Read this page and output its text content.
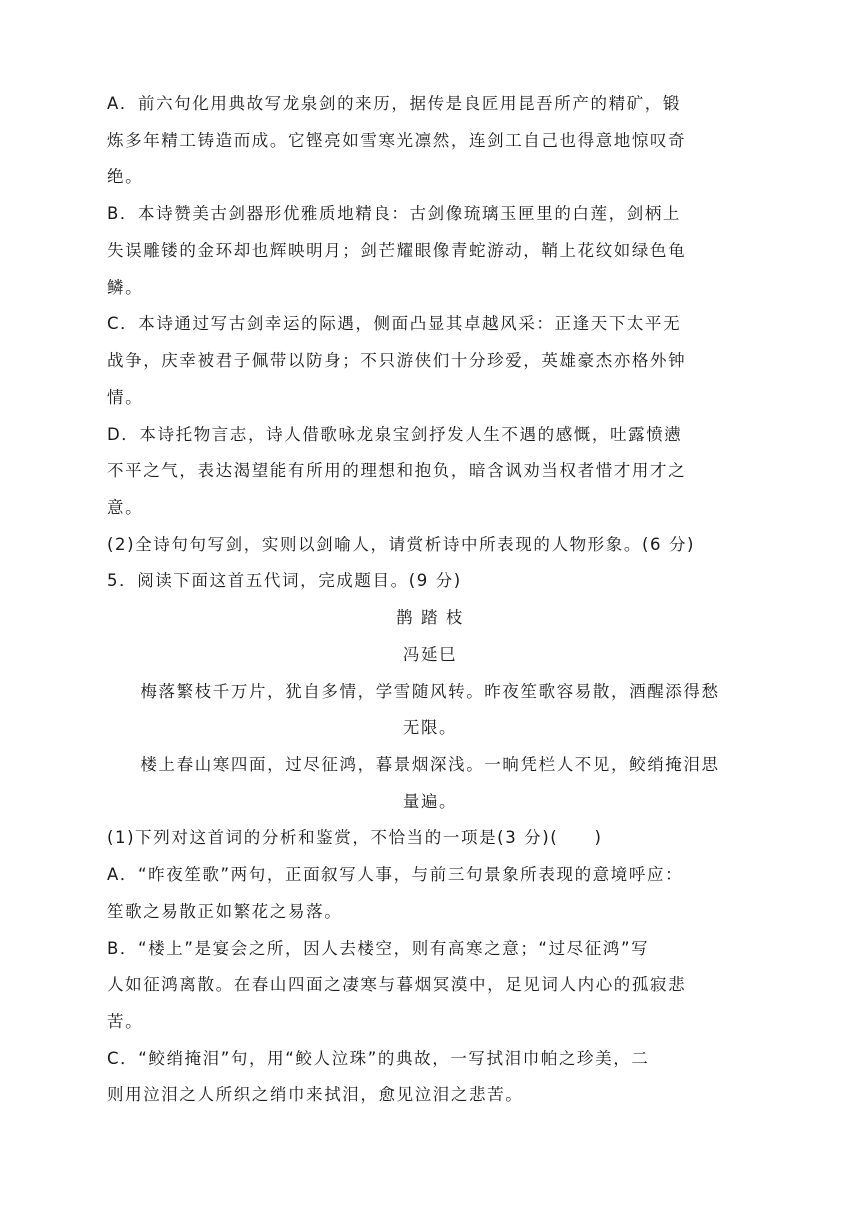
A．前六句化用典故写龙泉剑的来历，据传是良匠用昆吾所产的精矿，锻
炼多年精工铸造而成。它铿亮如雪寒光凛然，连剑工自己也得意地惊叹奇
绝。
B．本诗赞美古剑器形优雅质地精良：古剑像琉璃玉匣里的白莲，剑柄上
失误雕镂的金环却也辉映明月；剑芒耀眼像青蛇游动，鞘上花纹如绿色龟
鳞。
C．本诗通过写古剑幸运的际遇，侧面凸显其卓越风采：正逢天下太平无
战争，庆幸被君子佩带以防身；不只游侠们十分珍爱，英雄豪杰亦格外钟
情。
D．本诗托物言志，诗人借歌咏龙泉宝剑抒发人生不遇的感慨，吐露愤懑
不平之气，表达渴望能有所用的理想和抱负，暗含讽劝当权者惜才用才之
意。
(2)全诗句句写剑，实则以剑喻人，请赏析诗中所表现的人物形象。(6 分)
5．阅读下面这首五代词，完成题目。(9 分)
鹊 踏 枝
冯延巳
梅落繁枝千万片，犹自多情，学雪随风转。昨夜笙歌容易散，酒醒添得愁
无限。
楼上春山寒四面，过尽征鸿，暮景烟深浅。一晌凭栏人不见，鲛绡掩泪思
量遍。
(1)下列对这首词的分析和鉴赏，不恰当的一项是(3 分)(　　)
A．“昨夜笙歌”两句，正面叙写人事，与前三句景象所表现的意境呼应：
笙歌之易散正如繁花之易落。
B．“楼上”是宴会之所，因人去楼空，则有高寒之意；“过尽征鸿”写
人如征鸿离散。在春山四面之凄寒与暮烟冥漠中，足见词人内心的孤寂悲
苦。
C．“鲛绡掩泪”句，用“鲛人泣珠”的典故，一写拭泪巾帕之珍美，二
则用泣泪之人所织之绡巾来拭泪，愈见泣泪之悲苦。
